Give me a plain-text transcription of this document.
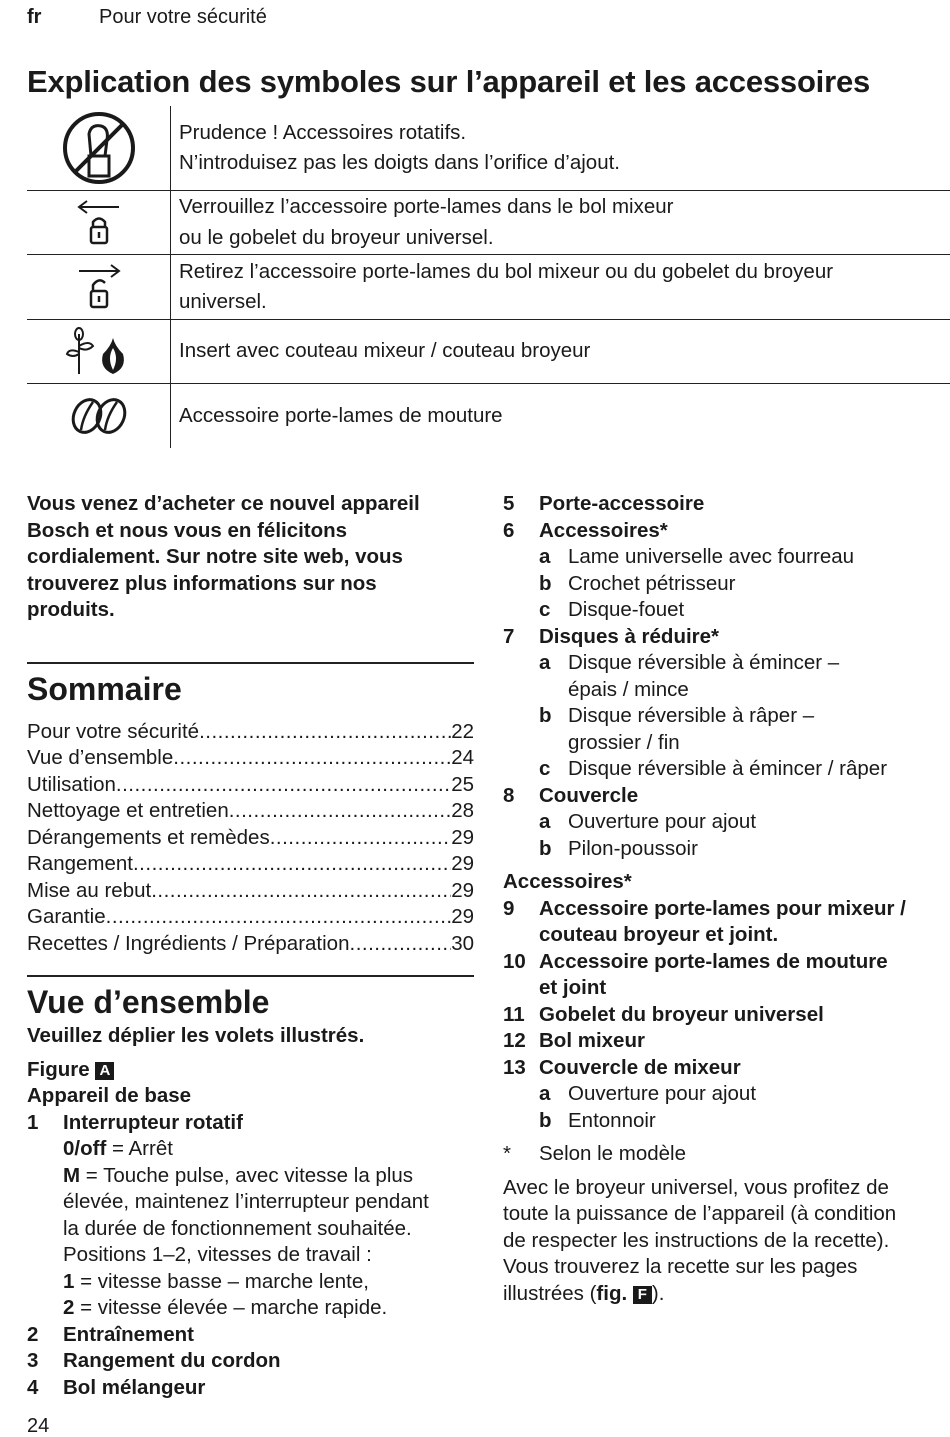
fr	Pour votre sécurité
Explication des symboles sur l’appareil et les accessoires
Prudence ! Accessoires rotatifs.
N’introduisez pas les doigts dans l’orifice d’ajout.
Verrouillez l’accessoire porte-lames dans le bol mixeur
ou le gobelet du broyeur universel.
Retirez l’accessoire porte-lames du bol mixeur ou du gobelet du broyeur
universel.
Insert avec couteau mixeur / couteau broyeur
Accessoire porte-lames de mouture
Vous venez d’acheter ce nouvel appareil
Bosch et nous vous en félicitons
cordialement. Sur notre site web, vous
trouverez plus informations sur nos
produits.
Sommaire
Pour votre sécurité .....	22
Vue d’ensemble .....	24
Utilisation .....	25
Nettoyage et entretien .....	28
Dérangements et remèdes .....	29
Rangement .....	29
Mise au rebut .....	29
Garantie .....	29
Recettes / Ingrédients / Préparation .....	30
Vue d’ensemble
Veuillez déplier les volets illustrés.
Figure A
Appareil de base
1	Interrupteur rotatif
0/off = Arrêt
M = Touche pulse, avec vitesse la plus
élevée, maintenez l’interrupteur pendant
la durée de fonctionnement souhaitée.
Positions 1–2, vitesses de travail :
1 = vitesse basse – marche lente,
2 = vitesse élevée – marche rapide.
2	Entraînement
3	Rangement du cordon
4	Bol mélangeur
5	Porte-accessoire
6	Accessoires*
a Lame universelle avec fourreau
b Crochet pétrisseur
c Disque-fouet
7	Disques à réduire*
a Disque réversible à émincer –
épais / mince
b Disque réversible à râper –
grossier / fin
c Disque réversible à émincer / râper
8	Couvercle
a Ouverture pour ajout
b Pilon-poussoir
Accessoires*
9	Accessoire porte-lames pour mixeur /
couteau broyeur et joint.
10 Accessoire porte-lames de mouture
et joint
11 Gobelet du broyeur universel
12 Bol mixeur
13 Couvercle de mixeur
a Ouverture pour ajout
b Entonnoir
*	Selon le modèle
Avec le broyeur universel, vous profitez de
toute la puissance de l’appareil (à condition
de respecter les instructions de la recette).
Vous trouverez la recette sur les pages
illustrées (fig. F ).
24
